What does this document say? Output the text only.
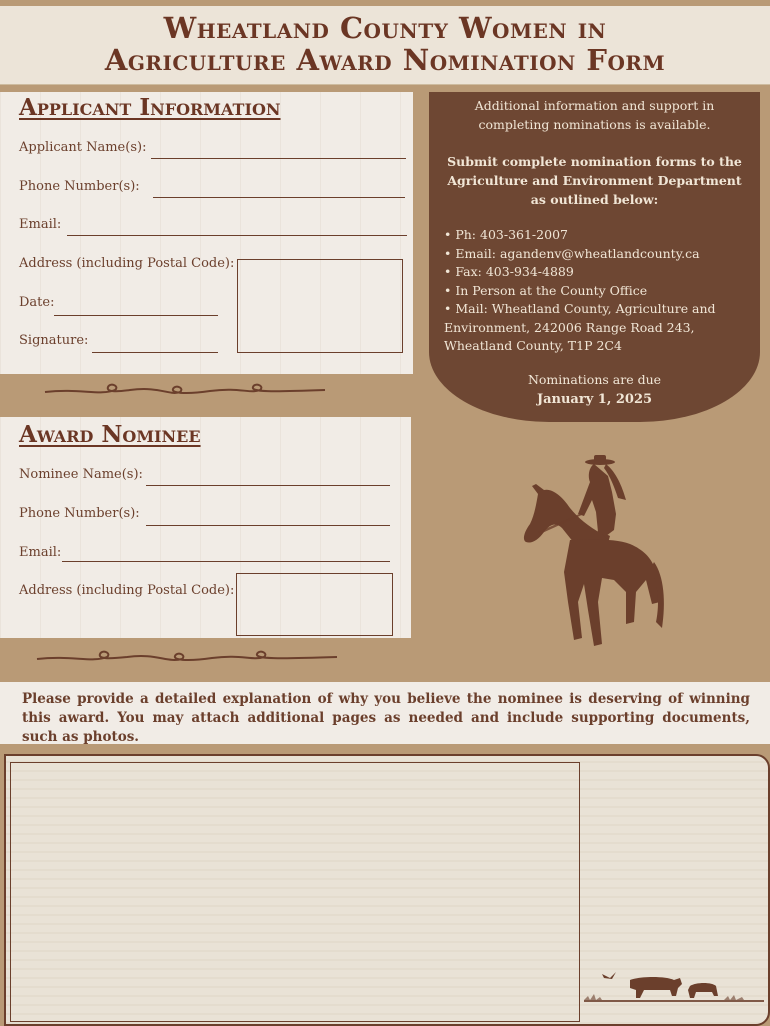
Wheatland County Women in
Agriculture Award Nomination Form
Applicant Information
Applicant Name(s):
Phone Number(s):
Email:
Address (including Postal Code):
Date:
Signature:
Additional information and support in completing nominations is available.
Submit complete nomination forms to the
Agriculture and Environment Department
as outlined below:
• Ph: 403-361-2007
• Email: agandenv@wheatlandcounty.ca
• Fax: 403-934-4889
• In Person at the County Office
• Mail: Wheatland County, Agriculture and Environment, 242006 Range Road 243, Wheatland County, T1P 2C4
Nominations are due
January 1, 2025
Award Nominee
Nominee Name(s):
Phone Number(s):
Email:
Address (including Postal Code):
Please provide a detailed explanation of why you believe the nominee is deserving of winning this award. You may attach additional pages as needed and include supporting documents, such as photos.
